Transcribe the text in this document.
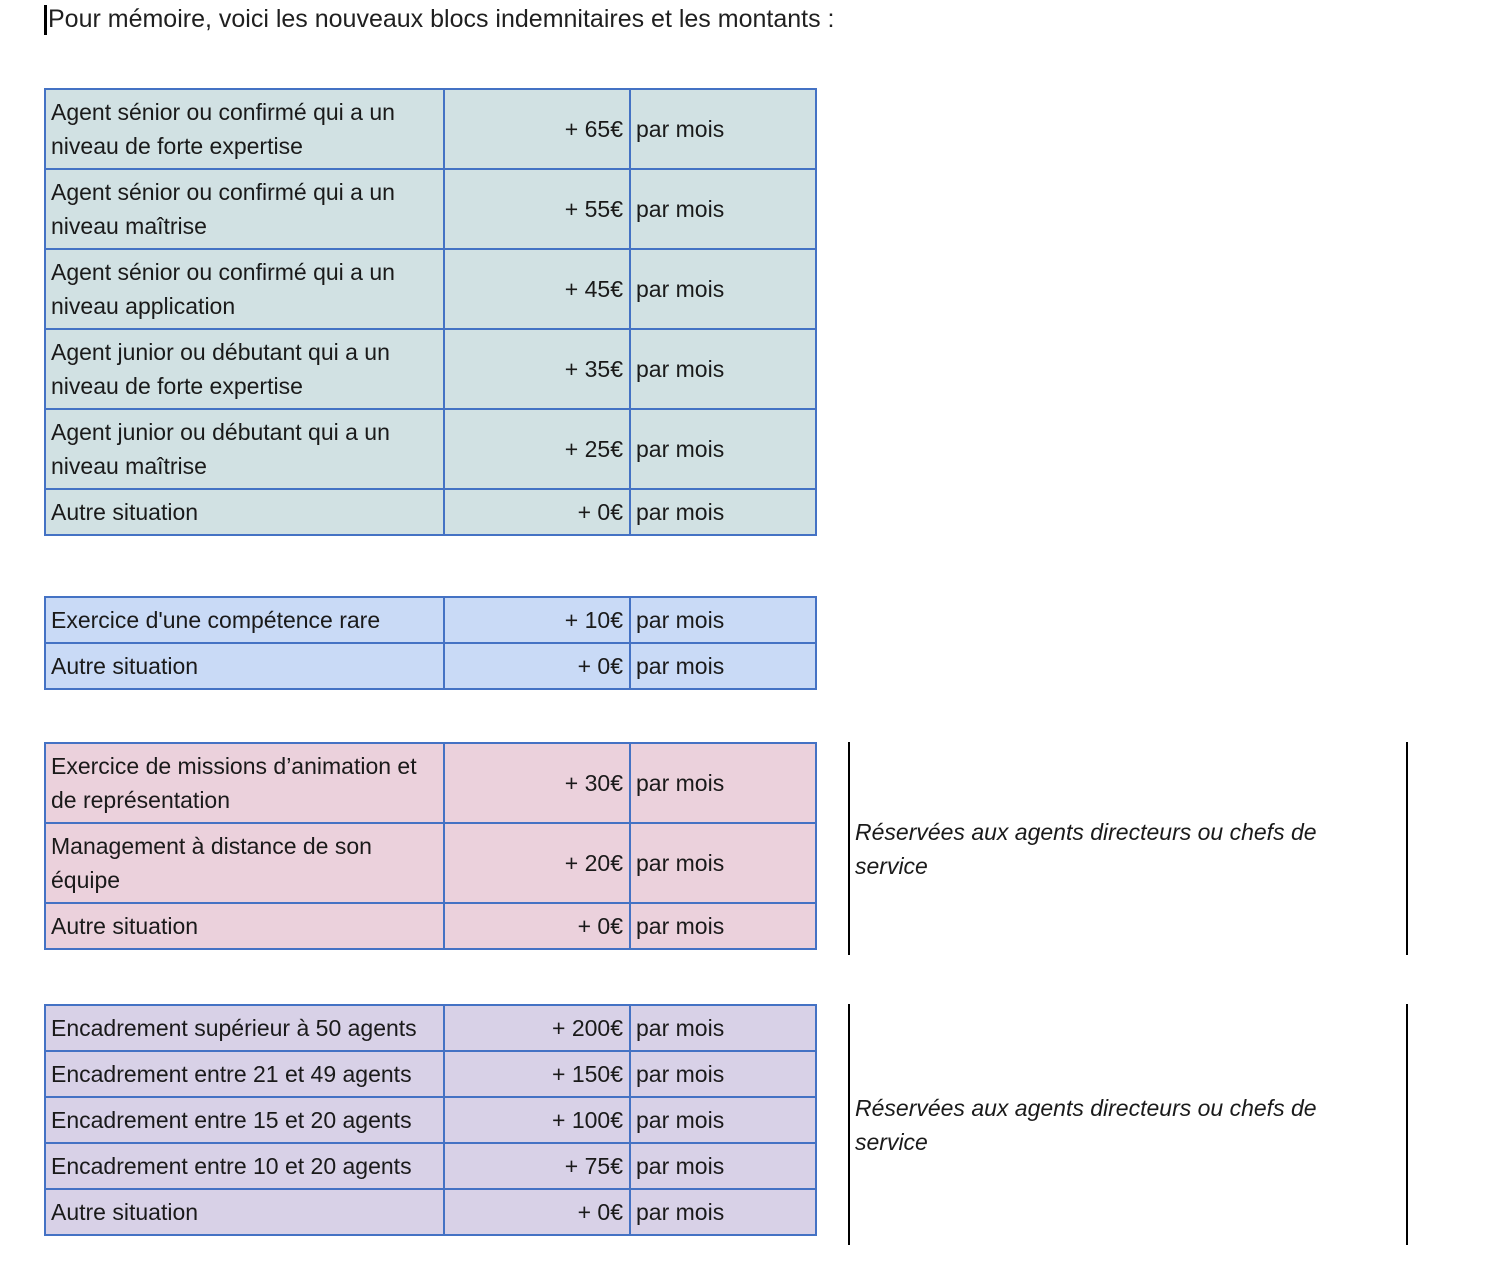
Pour mémoire, voici les nouveaux blocs indemnitaires et les montants :
Agent sénior ou confirmé qui a un niveau de forte expertise	+ 65€	par mois
Agent sénior ou confirmé qui a un niveau maîtrise	+ 55€	par mois
Agent sénior ou confirmé qui a un niveau application	+ 45€	par mois
Agent junior ou débutant qui a un niveau de forte expertise	+ 35€	par mois
Agent junior ou débutant qui a un niveau maîtrise	+ 25€	par mois
Autre situation	+ 0€	par mois
Exercice d'une compétence rare	+ 10€	par mois
Autre situation	+ 0€	par mois
Exercice de missions d’animation et de représentation	+ 30€	par mois
Management à distance de son équipe	+ 20€	par mois
Autre situation	+ 0€	par mois
Réservées aux agents directeurs ou chefs de service
Encadrement supérieur à 50 agents	+ 200€	par mois
Encadrement entre 21 et 49 agents	+ 150€	par mois
Encadrement entre 15 et 20 agents	+ 100€	par mois
Encadrement entre 10 et 20 agents	+ 75€	par mois
Autre situation	+ 0€	par mois
Réservées aux agents directeurs ou chefs de service
